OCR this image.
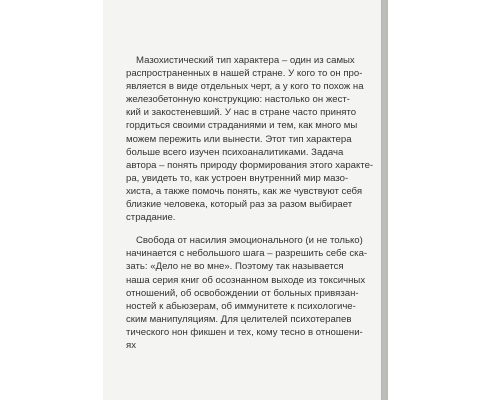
Мазохистический тип характера – один из самых
распространенных в нашей стране. У кого то он про-
является в виде отдельных черт, а у кого то похож на
железобетонную конструкцию: настолько он жест-
кий и закостеневший. У нас в стране часто принято
гордиться своими страданиями и тем, как много мы
можем пережить или вынести. Этот тип характера
больше всего изучен психоаналитиками. Задача
автора – понять природу формирования этого характе-
ра, увидеть то, как устроен внутренний мир мазо-
хиста, а также помочь понять, как же чувствуют себя
близкие человека, который раз за разом выбирает
страдание.
Свобода от насилия эмоционального (и не только)
начинается с небольшого шага – разрешить себе ска-
зать: «Дело не во мне». Поэтому так называется
наша серия книг об осознанном выходе из токсичных
отношений, об освобождении от больных привязан-
ностей к абьюзерам, об иммунитете к психологиче-
ским манипуляциям. Для целителей психотерапев
тического нон фикшен и тех, кому тесно в отношени-
ях
